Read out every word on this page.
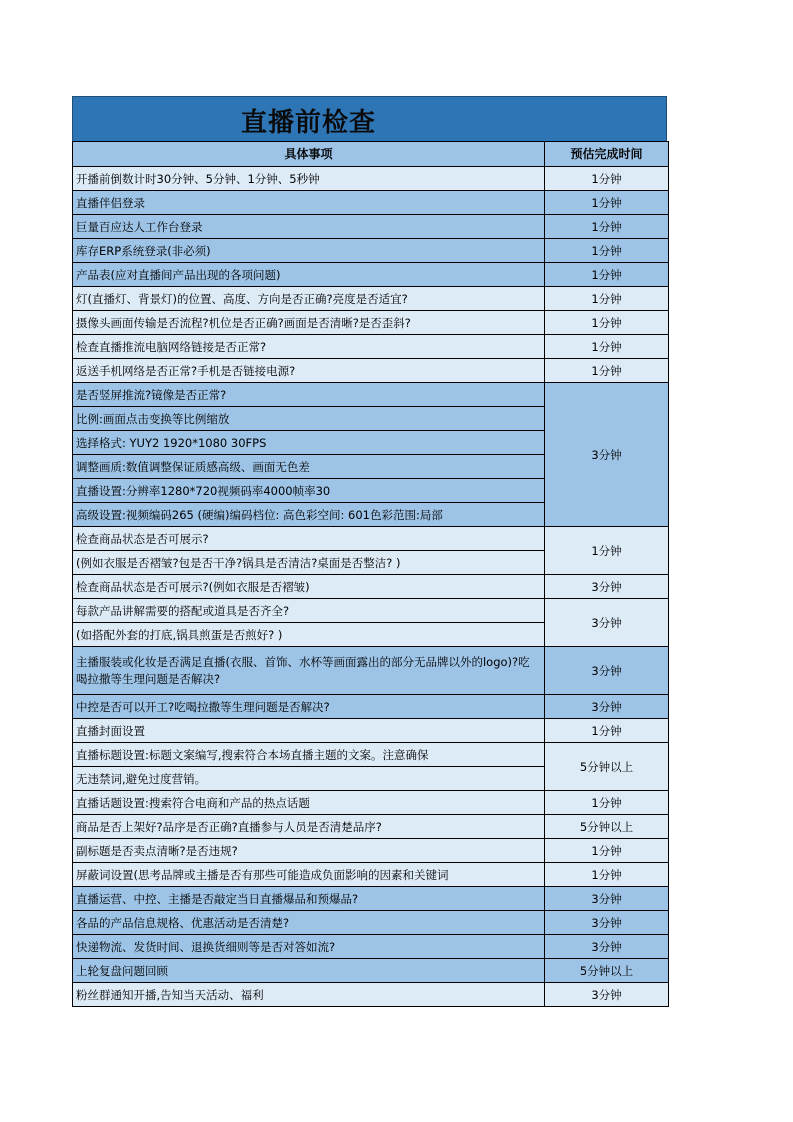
直播前检查
具体事项	预估完成时间
开播前倒数计时30分钟、5分钟、1分钟、5秒钟	1分钟
直播伴侣登录	1分钟
巨量百应达人工作台登录	1分钟
库存ERP系统登录(非必须)	1分钟
产品表(应对直播间产品出现的各项问题)	1分钟
灯(直播灯、背景灯)的位置、高度、方向是否正确?亮度是否适宜?	1分钟
摄像头画面传输是否流程?机位是否正确?画面是否清晰?是否歪斜?	1分钟
检查直播推流电脑网络链接是否正常?	1分钟
返送手机网络是否正常?手机是否链接电源?	1分钟
是否竖屏推流?镜像是否正常?	3分钟
比例:画面点击变换等比例缩放	
选择格式: YUY2 1920*1080 30FPS	
调整画质:数值调整保证质感高级、画面无色差	
直播设置:分辨率1280*720视频码率4000帧率30	
高级设置:视频编码265 (硬编)编码档位: 高色彩空间: 601色彩范围:局部	
检查商品状态是否可展示?	1分钟
(例如衣服是否褶皱?包是否干净?锅具是否清洁?桌面是否整洁? )	
检查商品状态是否可展示?(例如衣服是否褶皱)	3分钟
每款产品讲解需要的搭配或道具是否齐全?	3分钟
(如搭配外套的打底,锅具煎蛋是否煎好? )	
主播服装或化妆是否满足直播(衣服、首饰、水杯等画面露出的部分无品牌以外的logo)?吃喝拉撒等生理问题是否解决?	3分钟
中控是否可以开工?吃喝拉撒等生理问题是否解决?	3分钟
直播封面设置	1分钟
直播标题设置:标题文案编写,搜索符合本场直播主题的文案。注意确保	5分钟以上
无违禁词,避免过度营销。	
直播话题设置:搜索符合电商和产品的热点话题	1分钟
商品是否上架好?品序是否正确?直播参与人员是否清楚品序?	5分钟以上
副标题是否卖点清晰?是否违规?	1分钟
屏蔽词设置(思考品牌或主播是否有那些可能造成负面影响的因素和关键词	1分钟
直播运营、中控、主播是否敲定当日直播爆品和预爆品?	3分钟
各品的产品信息规格、优惠活动是否清楚?	3分钟
快递物流、发货时间、退换货细则等是否对答如流?	3分钟
上轮复盘问题回顾	5分钟以上
粉丝群通知开播,告知当天活动、福利	3分钟
